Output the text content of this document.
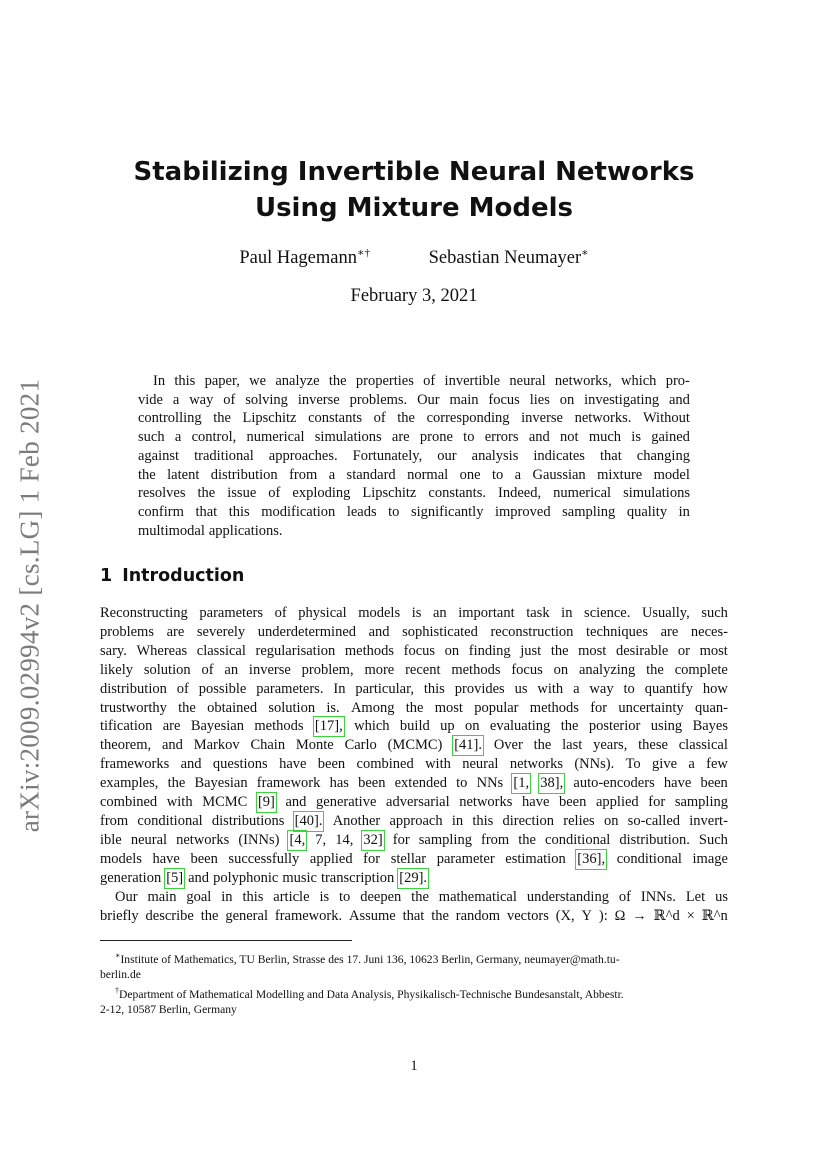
arXiv:2009.02994v2 [cs.LG] 1 Feb 2021
Stabilizing Invertible Neural Networks
Using Mixture Models
Paul Hagemann∗†	Sebastian Neumayer∗
February 3, 2021
In this paper, we analyze the properties of invertible neural networks, which pro-
vide a way of solving inverse problems. Our main focus lies on investigating and
controlling the Lipschitz constants of the corresponding inverse networks. Without
such a control, numerical simulations are prone to errors and not much is gained
against traditional approaches. Fortunately, our analysis indicates that changing
the latent distribution from a standard normal one to a Gaussian mixture model
resolves the issue of exploding Lipschitz constants. Indeed, numerical simulations
confirm that this modification leads to significantly improved sampling quality in
multimodal applications.
1 Introduction
Reconstructing parameters of physical models is an important task in science. Usually, such
problems are severely underdetermined and sophisticated reconstruction techniques are neces-
sary. Whereas classical regularisation methods focus on finding just the most desirable or most
likely solution of an inverse problem, more recent methods focus on analyzing the complete
distribution of possible parameters. In particular, this provides us with a way to quantify how
trustworthy the obtained solution is. Among the most popular methods for uncertainty quan-
tification are Bayesian methods [17], which build up on evaluating the posterior using Bayes
theorem, and Markov Chain Monte Carlo (MCMC) [41]. Over the last years, these classical
frameworks and questions have been combined with neural networks (NNs). To give a few
examples, the Bayesian framework has been extended to NNs [1, 38], auto-encoders have been
combined with MCMC [9] and generative adversarial networks have been applied for sampling
from conditional distributions [40]. Another approach in this direction relies on so-called invert-
ible neural networks (INNs) [4, 7, 14, 32] for sampling from the conditional distribution. Such
models have been successfully applied for stellar parameter estimation [36], conditional image
generation [5] and polyphonic music transcription [29].
Our main goal in this article is to deepen the mathematical understanding of INNs. Let us
briefly describe the general framework. Assume that the random vectors (X, Y ): Ω → ℝ^d × ℝ^n
∗Institute of Mathematics, TU Berlin, Strasse des 17. Juni 136, 10623 Berlin, Germany, neumayer@math.tu-
berlin.de
†Department of Mathematical Modelling and Data Analysis, Physikalisch-Technische Bundesanstalt, Abbestr.
2-12, 10587 Berlin, Germany
1
